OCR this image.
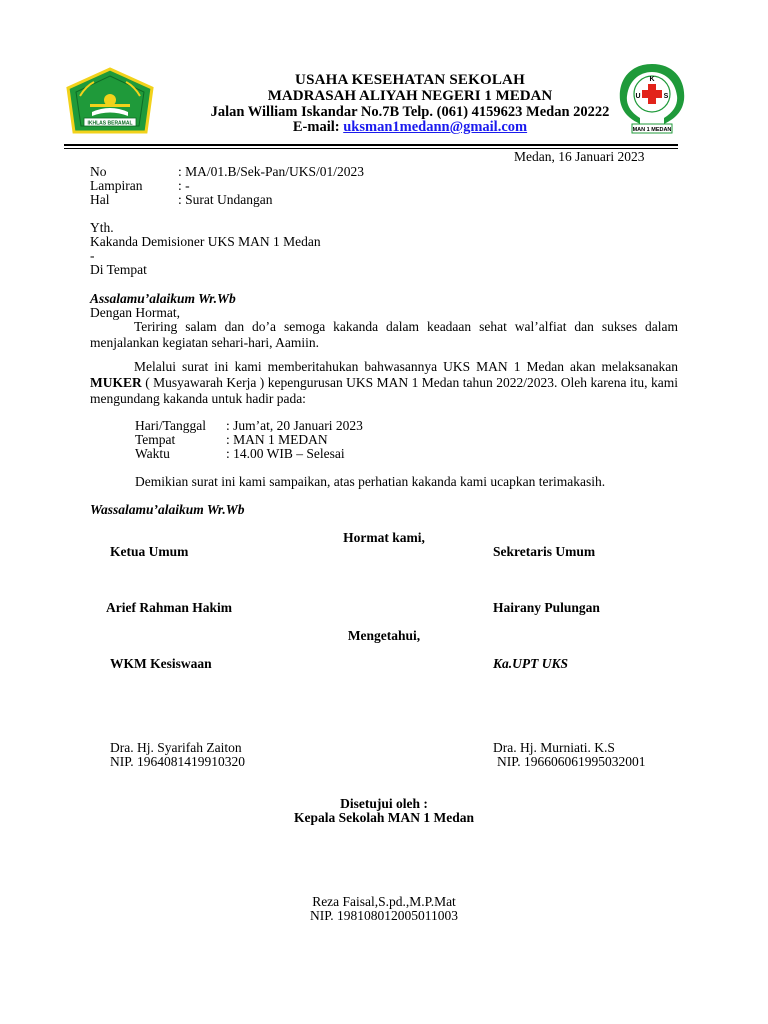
IKHLAS BERAMAL
K
U	S
MAN 1 MEDAN
USAHA KESEHATAN SEKOLAH
MADRASAH ALIYAH NEGERI 1 MEDAN
Jalan William Iskandar No.7B Telp. (061) 4159623 Medan 20222
E-mail: uksman1medann@gmail.com
Medan, 16 Januari 2023
No	: MA/01.B/Sek-Pan/UKS/01/2023
Lampiran	: -
Hal	: Surat Undangan
Yth.
Kakanda Demisioner UKS MAN 1 Medan
-
Di Tempat
Assalamu’alaikum Wr.Wb
Dengan Hormat,
Teriring salam dan do’a semoga kakanda dalam keadaan sehat wal’alfiat dan sukses dalam menjalankan kegiatan sehari-hari, Aamiin.
Melalui surat ini kami memberitahukan bahwasannya UKS MAN 1 Medan akan melaksanakan MUKER ( Musyawarah Kerja ) kepengurusan UKS MAN 1 Medan tahun 2022/2023. Oleh karena itu, kami mengundang kakanda untuk hadir pada:
Hari/Tanggal : Jum’at, 20 Januari 2023
Tempat	: MAN 1 MEDAN
Waktu	: 14.00 WIB – Selesai
Demikian surat ini kami sampaikan, atas perhatian kakanda kami ucapkan terimakasih.
Wassalamu’alaikum Wr.Wb
Hormat kami,
Ketua Umum	Sekretaris Umum
Arief Rahman Hakim	Hairany Pulungan
Mengetahui,
WKM Kesiswaan	Ka.UPT UKS
Dra. Hj. Syarifah Zaiton
NIP. 1964081419910320
Dra. Hj. Murniati. K.S
NIP. 196606061995032001
Disetujui oleh :
Kepala Sekolah MAN 1 Medan
Reza Faisal,S.pd.,M.P.Mat
NIP. 198108012005011003
